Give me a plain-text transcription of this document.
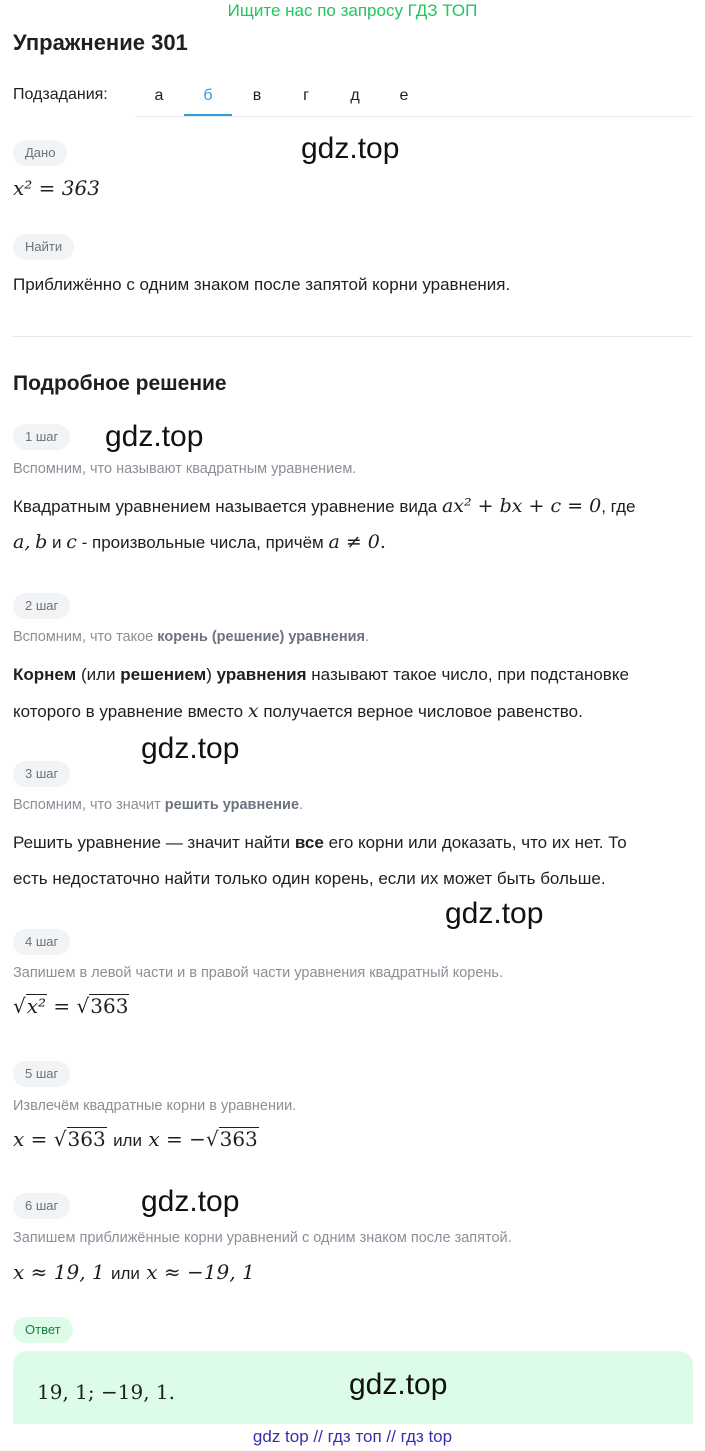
Ищите нас по запросу ГДЗ ТОП
Упражнение 301
Подзадания:	а	б	в	г	д	е
Дано	gdz.top
x² = 363
Найти
Приближённо с одним знаком после запятой корни уравнения.
Подробное решение
1 шаг	gdz.top
Вспомним, что называют квадратным уравнением.
Квадратным уравнением называется уравнение вида ax² + bx + c = 0, где
a, b и c - произвольные числа, причём a ≠ 0.
2 шаг
Вспомним, что такое корень (решение) уравнения.
Корнем (или решением) уравнения называют такое число, при подстановке
которого в уравнение вместо x получается верное числовое равенство.
gdz.top
3 шаг
Вспомним, что значит решить уравнение.
Решить уравнение — значит найти все его корни или доказать, что их нет. То
есть недостаточно найти только один корень, если их может быть больше.
gdz.top
4 шаг
Запишем в левой части и в правой части уравнения квадратный корень.
√x² = √363
5 шаг
Извлечём квадратные корни в уравнении.
x = √363 или x = −√363
6 шаг	gdz.top
Запишем приближённые корни уравнений с одним знаком после запятой.
x ≈ 19, 1 или x ≈ −19, 1
Ответ
19, 1; −19, 1.	gdz.top
gdz top // гдз топ // гдз top
